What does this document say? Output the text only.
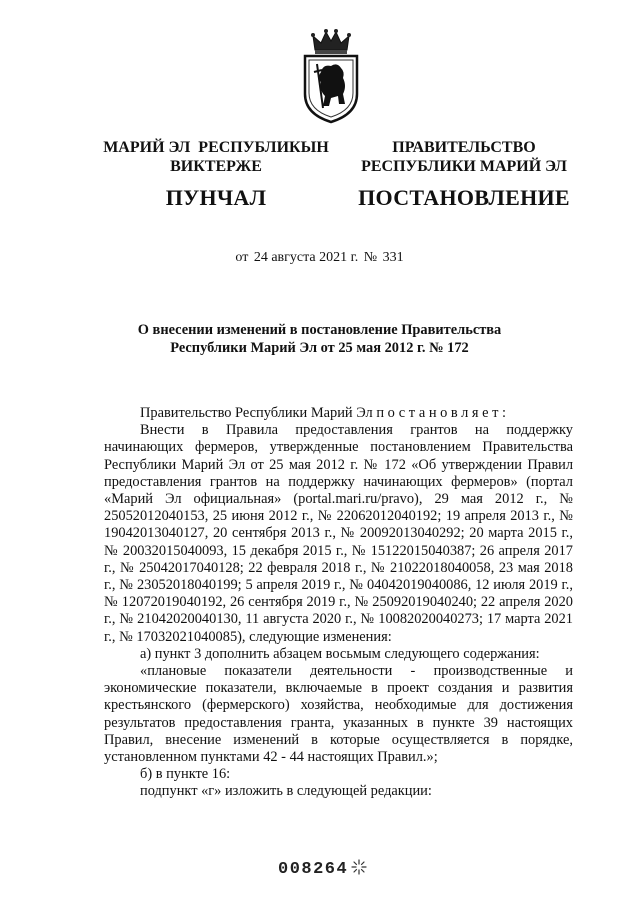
МАРИЙ ЭЛ  РЕСПУБЛИКЫН
ВИКТЕРЖЕ
ПУНЧАЛ
ПРАВИТЕЛЬСТВО
РЕСПУБЛИКИ МАРИЙ ЭЛ
ПОСТАНОВЛЕНИЕ
от 24 августа 2021 г. № 331
О внесении изменений в постановление Правительства
Республики Марий Эл от 25 мая 2012 г. № 172

Правительство Республики Марий Эл постановляет:

Внести в Правила предоставления грантов на поддержку начинающих фермеров, утвержденные постановлением Правительства Республики Марий Эл от 25 мая 2012 г. № 172 «Об утверждении Правил предоставления грантов на поддержку начинающих фермеров» (портал «Марий Эл официальная» (portal.mari.ru/pravo), 29 мая 2012 г., № 25052012040153, 25 июня 2012 г., № 22062012040192; 19 апреля 2013 г., № 19042013040127, 20 сентября 2013 г., № 20092013040292; 20 марта 2015 г., № 20032015040093, 15 декабря 2015 г., № 15122015040387; 26 апреля 2017 г., № 25042017040128; 22 февраля 2018 г., № 21022018040058, 23 мая 2018 г., № 23052018040199; 5 апреля 2019 г., № 04042019040086, 12 июля 2019 г., № 12072019040192, 26 сентября 2019 г., № 25092019040240; 22 апреля 2020 г., № 21042020040130, 11 августа 2020 г., № 10082020040273; 17 марта 2021 г., № 17032021040085), следующие изменения:

а) пункт 3 дополнить абзацем восьмым следующего содержания:

«плановые показатели деятельности - производственные и экономические показатели, включаемые в проект создания и развития крестьянского (фермерского) хозяйства, необходимые для достижения результатов предоставления гранта, указанных в пункте 39 настоящих Правил, внесение изменений в которые осуществляется в порядке, установленном пунктами 42 - 44 настоящих Правил.»;

б) в пункте 16:

подпункт «г» изложить в следующей редакции:

008264
